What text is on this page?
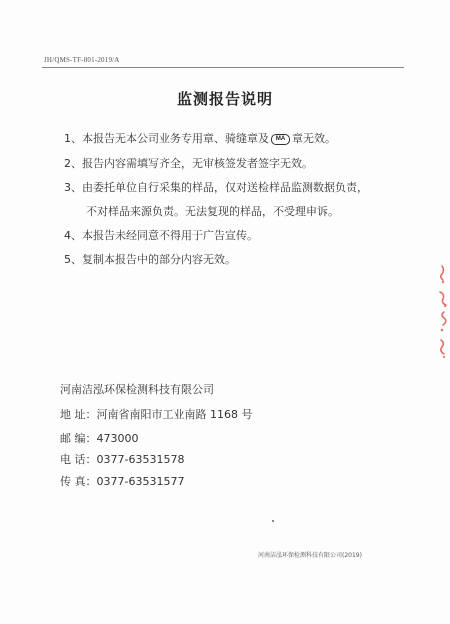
JH/QMS-TF-801-2019/A
监测报告说明
1、本报告无本公司业务专用章、骑缝章及 MA 章无效。
2、报告内容需填写齐全，无审核签发者签字无效。
3、由委托单位自行采集的样品，仅对送检样品监测数据负责，
不对样品来源负责。无法复现的样品，不受理申诉。
4、本报告未经同意不得用于广告宣传。
5、复制本报告中的部分内容无效。
河南洁泓环保检测科技有限公司
地 址：河南省南阳市工业南路 1168 号
邮 编：473000
电 话：0377-63531578
传 真：0377-63531577
河南洁泓环保检测科技有限公司(2019)
